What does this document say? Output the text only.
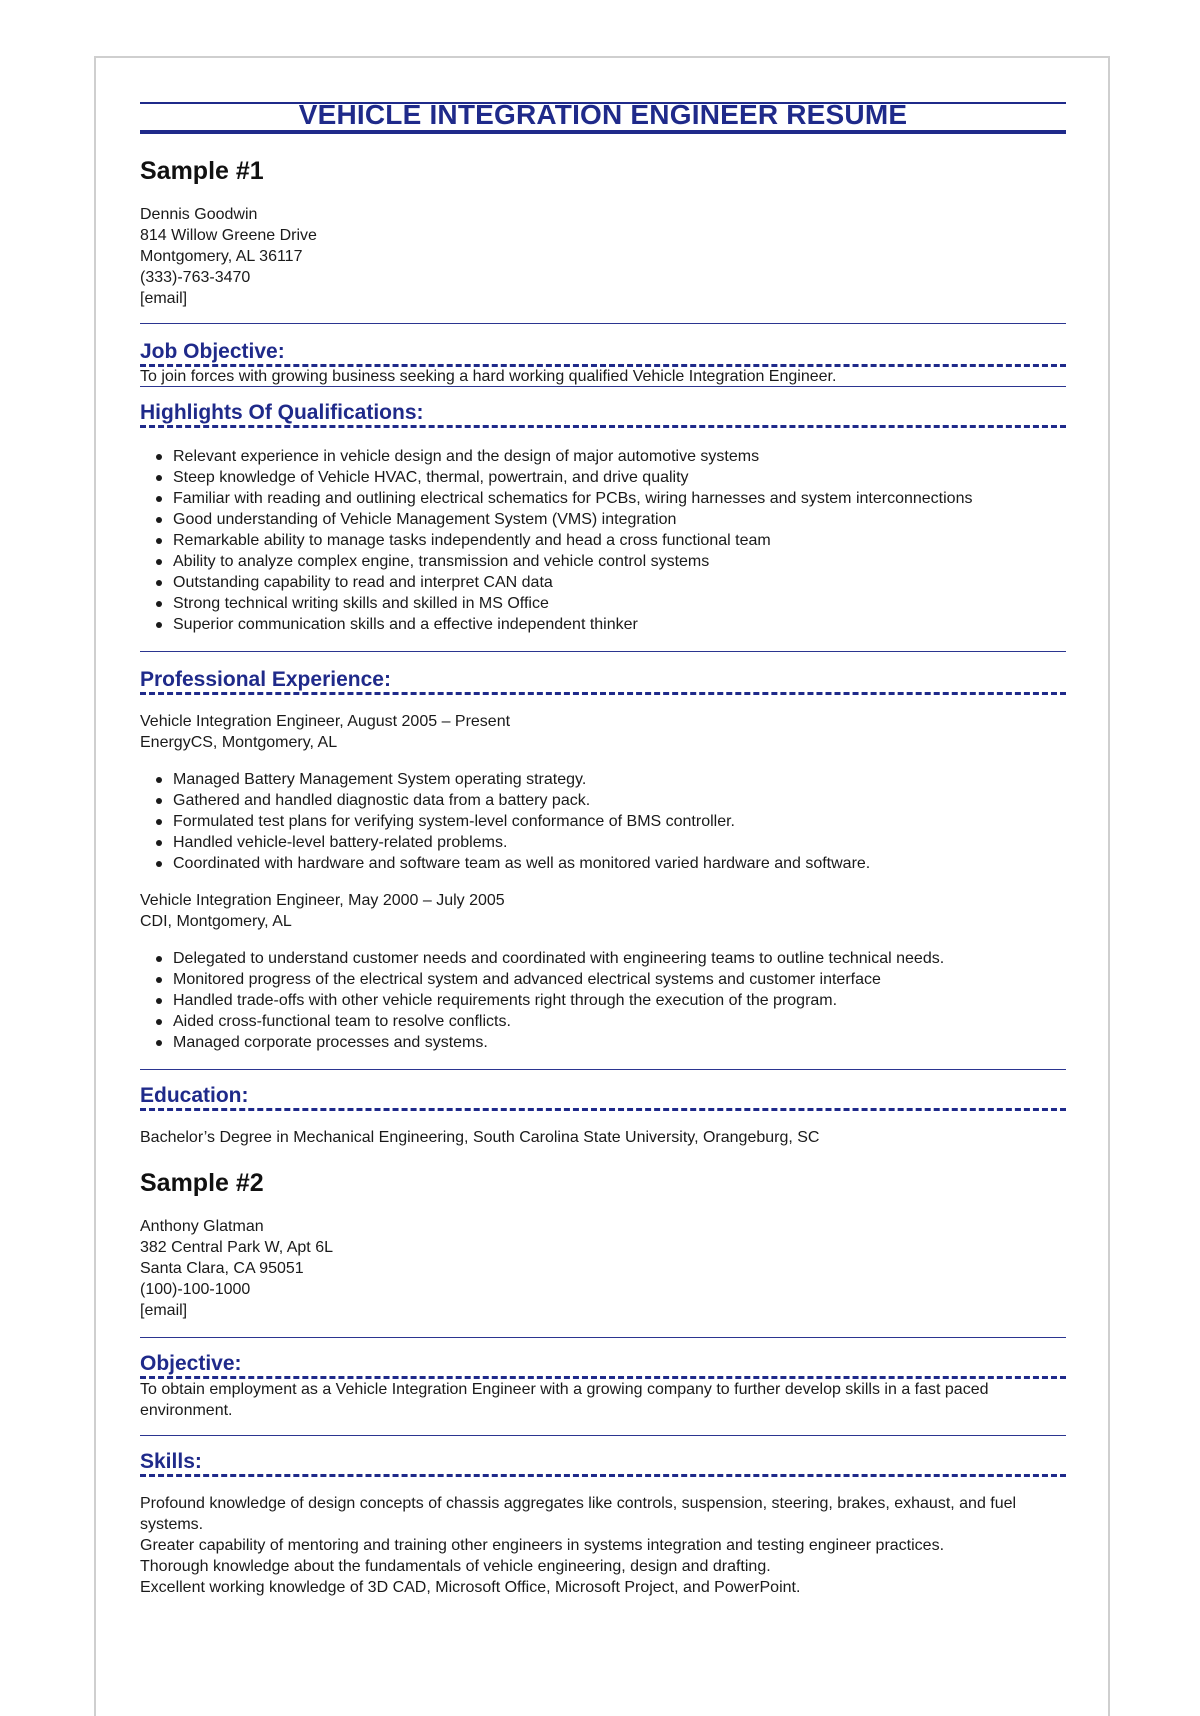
VEHICLE INTEGRATION ENGINEER RESUME
Sample #1
Dennis Goodwin
814 Willow Greene Drive
Montgomery, AL 36117
(333)-763-3470
[email]
Job Objective:
To join forces with growing business seeking a hard working qualified Vehicle Integration Engineer.
Highlights Of Qualifications:
Relevant experience in vehicle design and the design of major automotive systems
Steep knowledge of Vehicle HVAC, thermal, powertrain, and drive quality
Familiar with reading and outlining electrical schematics for PCBs, wiring harnesses and system interconnections
Good understanding of Vehicle Management System (VMS) integration
Remarkable ability to manage tasks independently and head a cross functional team
Ability to analyze complex engine, transmission and vehicle control systems
Outstanding capability to read and interpret CAN data
Strong technical writing skills and skilled in MS Office
Superior communication skills and a effective independent thinker
Professional Experience:
Vehicle Integration Engineer, August 2005 – Present
EnergyCS, Montgomery, AL
Managed Battery Management System operating strategy.
Gathered and handled diagnostic data from a battery pack.
Formulated test plans for verifying system-level conformance of BMS controller.
Handled vehicle-level battery-related problems.
Coordinated with hardware and software team as well as monitored varied hardware and software.
Vehicle Integration Engineer, May 2000 – July 2005
CDI, Montgomery, AL
Delegated to understand customer needs and coordinated with engineering teams to outline technical needs.
Monitored progress of the electrical system and advanced electrical systems and customer interface
Handled trade-offs with other vehicle requirements right through the execution of the program.
Aided cross-functional team to resolve conflicts.
Managed corporate processes and systems.
Education:
Bachelor’s Degree in Mechanical Engineering, South Carolina State University, Orangeburg, SC
Sample #2
Anthony Glatman
382 Central Park W, Apt 6L
Santa Clara, CA 95051
(100)-100-1000
[email]
Objective:
To obtain employment as a Vehicle Integration Engineer with a growing company to further develop skills in a fast paced environment.
Skills:
Profound knowledge of design concepts of chassis aggregates like controls, suspension, steering, brakes, exhaust, and fuel systems.
Greater capability of mentoring and training other engineers in systems integration and testing engineer practices.
Thorough knowledge about the fundamentals of vehicle engineering, design and drafting.
Excellent working knowledge of 3D CAD, Microsoft Office, Microsoft Project, and PowerPoint.
